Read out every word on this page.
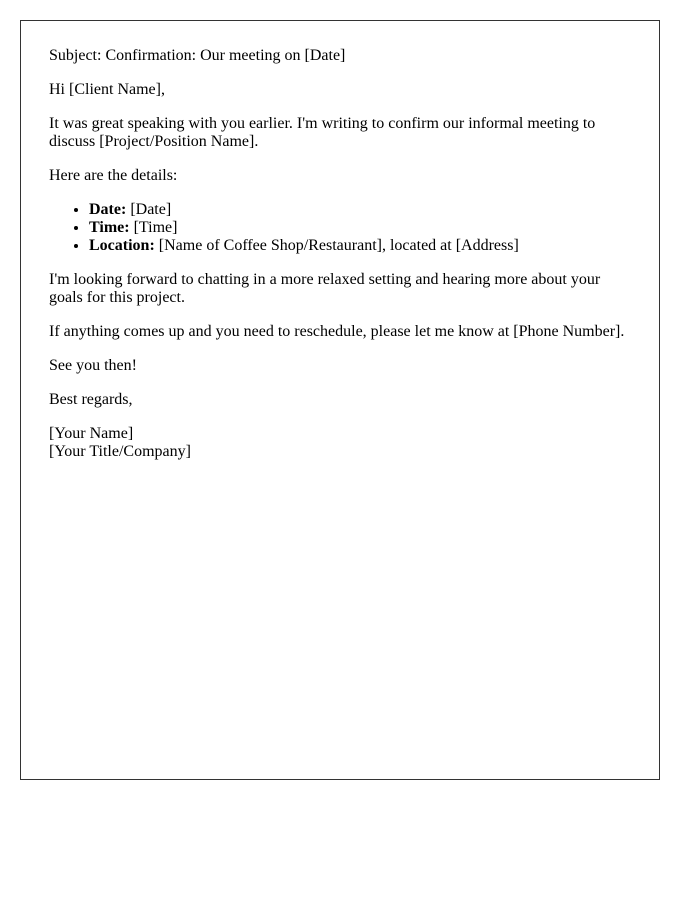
Subject: Confirmation: Our meeting on [Date]

Hi [Client Name],

It was great speaking with you earlier. I'm writing to confirm our informal meeting to discuss [Project/Position Name].

Here are the details:

• Date: [Date]
• Time: [Time]
• Location: [Name of Coffee Shop/Restaurant], located at [Address]

I'm looking forward to chatting in a more relaxed setting and hearing more about your goals for this project.

If anything comes up and you need to reschedule, please let me know at [Phone Number].

See you then!

Best regards,

[Your Name]
[Your Title/Company]
